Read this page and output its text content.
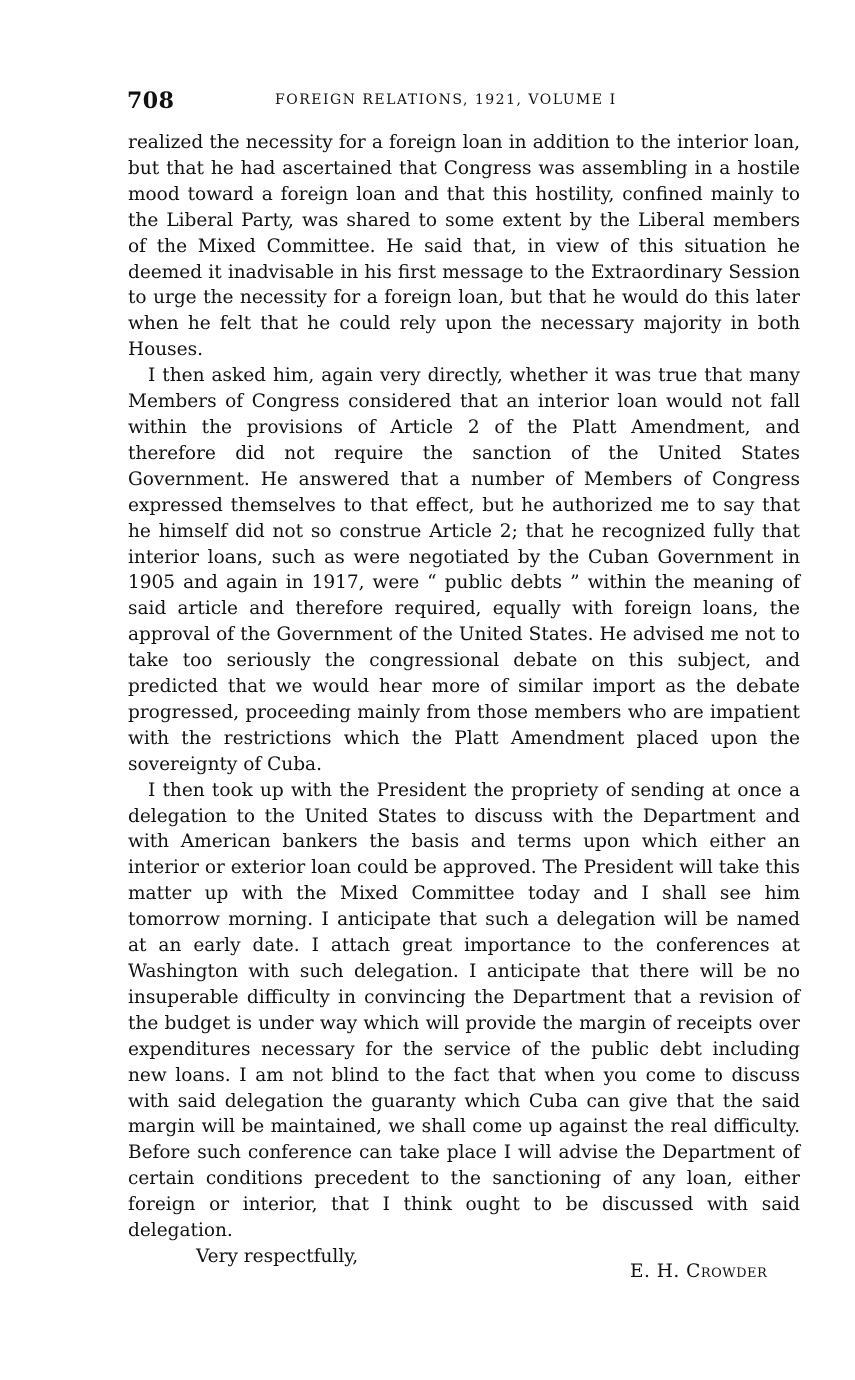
708	FOREIGN RELATIONS, 1921, VOLUME I

realized the necessity for a foreign loan in addition to the interior loan, but that he had ascertained that Congress was assembling in a hostile mood toward a foreign loan and that this hostility, confined mainly to the Liberal Party, was shared to some extent by the Liberal members of the Mixed Committee. He said that, in view of this situation he deemed it inadvisable in his first message to the Extraordinary Session to urge the necessity for a foreign loan, but that he would do this later when he felt that he could rely upon the necessary majority in both Houses.

I then asked him, again very directly, whether it was true that many Members of Congress considered that an interior loan would not fall within the provisions of Article 2 of the Platt Amendment, and therefore did not require the sanction of the United States Government. He answered that a number of Members of Congress expressed themselves to that effect, but he authorized me to say that he himself did not so construe Article 2; that he recognized fully that interior loans, such as were negotiated by the Cuban Government in 1905 and again in 1917, were “ public debts ” within the meaning of said article and therefore required, equally with foreign loans, the approval of the Government of the United States. He advised me not to take too seriously the congressional debate on this subject, and predicted that we would hear more of similar import as the debate progressed, proceeding mainly from those members who are impatient with the restrictions which the Platt Amendment placed upon the sovereignty of Cuba.

I then took up with the President the propriety of sending at once a delegation to the United States to discuss with the Department and with American bankers the basis and terms upon which either an interior or exterior loan could be approved. The President will take this matter up with the Mixed Committee today and I shall see him tomorrow morning. I anticipate that such a delegation will be named at an early date. I attach great importance to the conferences at Washington with such delegation. I anticipate that there will be no insuperable difficulty in convincing the Department that a revision of the budget is under way which will provide the margin of receipts over expenditures necessary for the service of the public debt including new loans. I am not blind to the fact that when you come to discuss with said delegation the guaranty which Cuba can give that the said margin will be maintained, we shall come up against the real difficulty. Before such conference can take place I will advise the Department of certain conditions precedent to the sanctioning of any loan, either foreign or interior, that I think ought to be discussed with said delegation.

Very respectfully,
E. H. Crowder
